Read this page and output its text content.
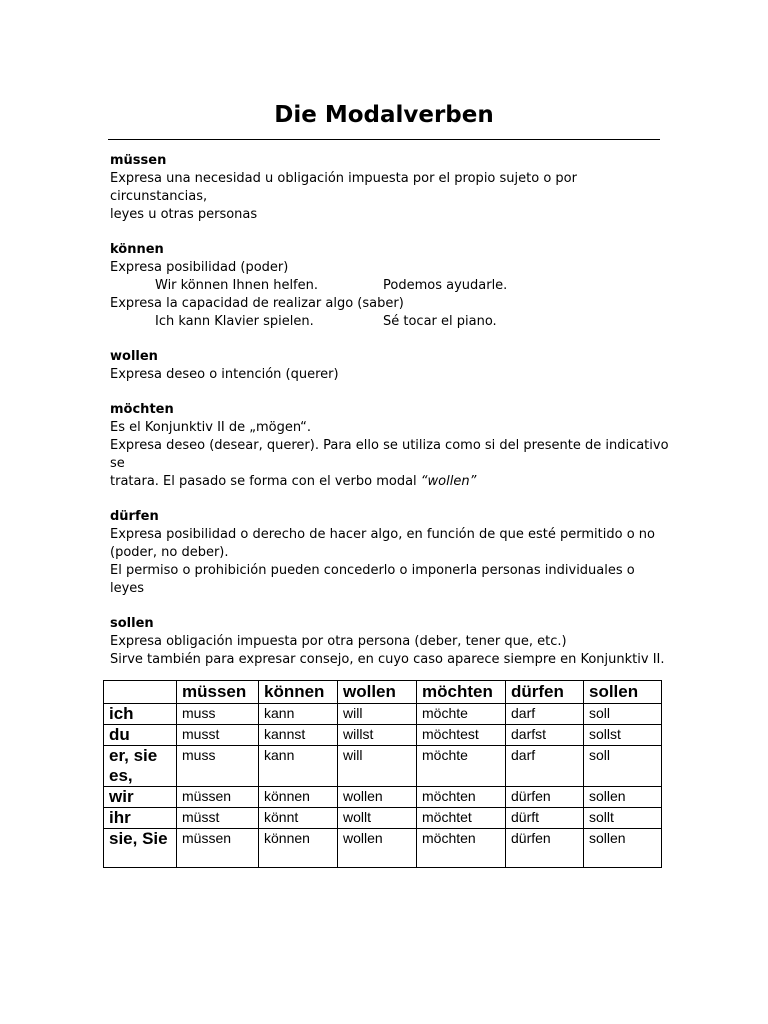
Die Modalverben
müssen
Expresa una necesidad u obligación impuesta por el propio sujeto o por circunstancias,
leyes u otras personas
können
Expresa posibilidad (poder)
Wir können Ihnen helfen.	Podemos ayudarle.
Expresa la capacidad de realizar algo (saber)
Ich kann Klavier spielen.	Sé tocar el piano.
wollen
Expresa deseo o intención (querer)
möchten
Es el Konjunktiv II de „mögen“.
Expresa deseo (desear, querer). Para ello se utiliza como si del presente de indicativo se
tratara. El pasado se forma con el verbo modal “wollen”
dürfen
Expresa posibilidad o derecho de hacer algo, en función de que esté permitido o no
(poder, no deber).
El permiso o prohibición pueden concederlo o imponerla personas individuales o leyes
sollen
Expresa obligación impuesta por otra persona (deber, tener que, etc.)
Sirve también para expresar consejo, en cuyo caso aparece siempre en Konjunktiv II.
	müssen	können	wollen	möchten	dürfen	sollen
ich	muss	kann	will	möchte	darf	soll
du	musst	kannst	willst	möchtest	darfst	sollst
er, sie es,	muss	kann	will	möchte	darf	soll
wir	müssen	können	wollen	möchten	dürfen	sollen
ihr	müsst	könnt	wollt	möchtet	dürft	sollt
sie, Sie	müssen	können	wollen	möchten	dürfen	sollen
